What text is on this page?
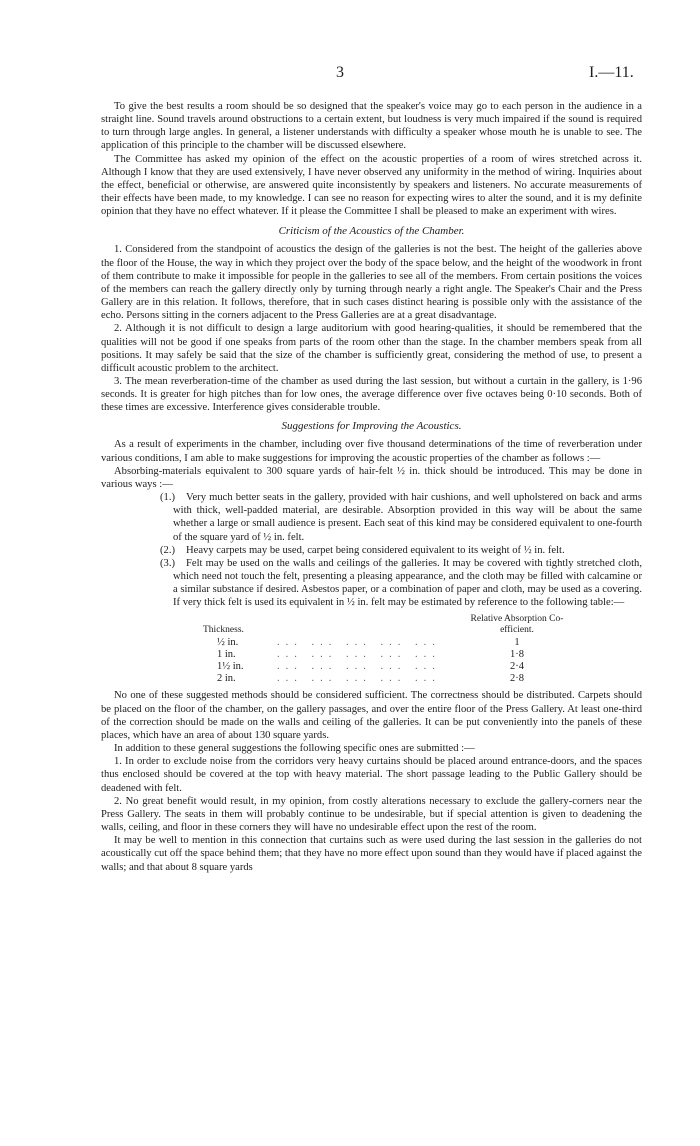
3	I.—11.

To give the best results a room should be so designed that the speaker's voice may go to each person in the audience in a straight line. Sound travels around obstructions to a certain extent, but loudness is very much impaired if the sound is required to turn through large angles. In general, a listener understands with difficulty a speaker whose mouth he is unable to see. The application of this principle to the chamber will be discussed elsewhere.

The Committee has asked my opinion of the effect on the acoustic properties of a room of wires stretched across it. Although I know that they are used extensively, I have never observed any uniformity in the method of wiring. Inquiries about the effect, beneficial or otherwise, are answered quite inconsistently by speakers and listeners. No accurate measurements of their effects have been made, to my knowledge. I can see no reason for expecting wires to alter the sound, and it is my definite opinion that they have no effect whatever. If it please the Committee I shall be pleased to make an experiment with wires.

Criticism of the Acoustics of the Chamber.

1. Considered from the standpoint of acoustics the design of the galleries is not the best. The height of the galleries above the floor of the House, the way in which they project over the body of the space below, and the height of the woodwork in front of them contribute to make it impossible for people in the galleries to see all of the members. From certain positions the voices of the members can reach the gallery directly only by turning through nearly a right angle. The Speaker's Chair and the Press Gallery are in this relation. It follows, therefore, that in such cases distinct hearing is possible only with the assistance of the echo. Persons sitting in the corners adjacent to the Press Galleries are at a great disadvantage.

2. Although it is not difficult to design a large auditorium with good hearing-qualities, it should be remembered that the qualities will not be good if one speaks from parts of the room other than the stage. In the chamber members speak from all positions. It may safely be said that the size of the chamber is sufficiently great, considering the method of use, to present a difficult acoustic problem to the architect.

3. The mean reverberation-time of the chamber as used during the last session, but without a curtain in the gallery, is 1·96 seconds. It is greater for high pitches than for low ones, the average difference over five octaves being 0·10 seconds. Both of these times are excessive. Interference gives considerable trouble.

Suggestions for Improving the Acoustics.

As a result of experiments in the chamber, including over five thousand determinations of the time of reverberation under various conditions, I am able to make suggestions for improving the acoustic properties of the chamber as follows :—

Absorbing-materials equivalent to 300 square yards of hair-felt ½ in. thick should be introduced. This may be done in various ways :—

(1.) Very much better seats in the gallery, provided with hair cushions, and well upholstered on back and arms with thick, well-padded material, are desirable. Absorption provided in this way will be about the same whether a large or small audience is present. Each seat of this kind may be considered equivalent to one-fourth of the square yard of ½ in. felt.

(2.) Heavy carpets may be used, carpet being considered equivalent to its weight of ½ in. felt.

(3.) Felt may be used on the walls and ceilings of the galleries. It may be covered with tightly stretched cloth, which need not touch the felt, presenting a pleasing appearance, and the cloth may be filled with calcamine or a similar substance if desired. Asbestos paper, or a combination of paper and cloth, may be used as a covering. If very thick felt is used its equivalent in ½ in. felt may be estimated by reference to the following table:—

Thickness.		Relative Absorption Co-efficient.
½ in.	... ... ... ... ...	1
1 in.	... ... ... ... ...	1·8
1½ in.	... ... ... ... ...	2·4
2 in.	... ... ... ... ...	2·8

No one of these suggested methods should be considered sufficient. The correctness should be distributed. Carpets should be placed on the floor of the chamber, on the gallery passages, and over the entire floor of the Press Gallery. At least one-third of the correction should be made on the walls and ceiling of the galleries. It can be put conveniently into the panels of these places, which have an area of about 130 square yards.

In addition to these general suggestions the following specific ones are submitted :—

1. In order to exclude noise from the corridors very heavy curtains should be placed around entrance-doors, and the spaces thus enclosed should be covered at the top with heavy material. The short passage leading to the Public Gallery should be deadened with felt.

2. No great benefit would result, in my opinion, from costly alterations necessary to exclude the gallery-corners near the Press Gallery. The seats in them will probably continue to be undesirable, but if special attention is given to deadening the walls, ceiling, and floor in these corners they will have no undesirable effect upon the rest of the room.

It may be well to mention in this connection that curtains such as were used during the last session in the galleries do not acoustically cut off the space behind them; that they have no more effect upon sound than they would have if placed against the walls; and that about 8 square yards
